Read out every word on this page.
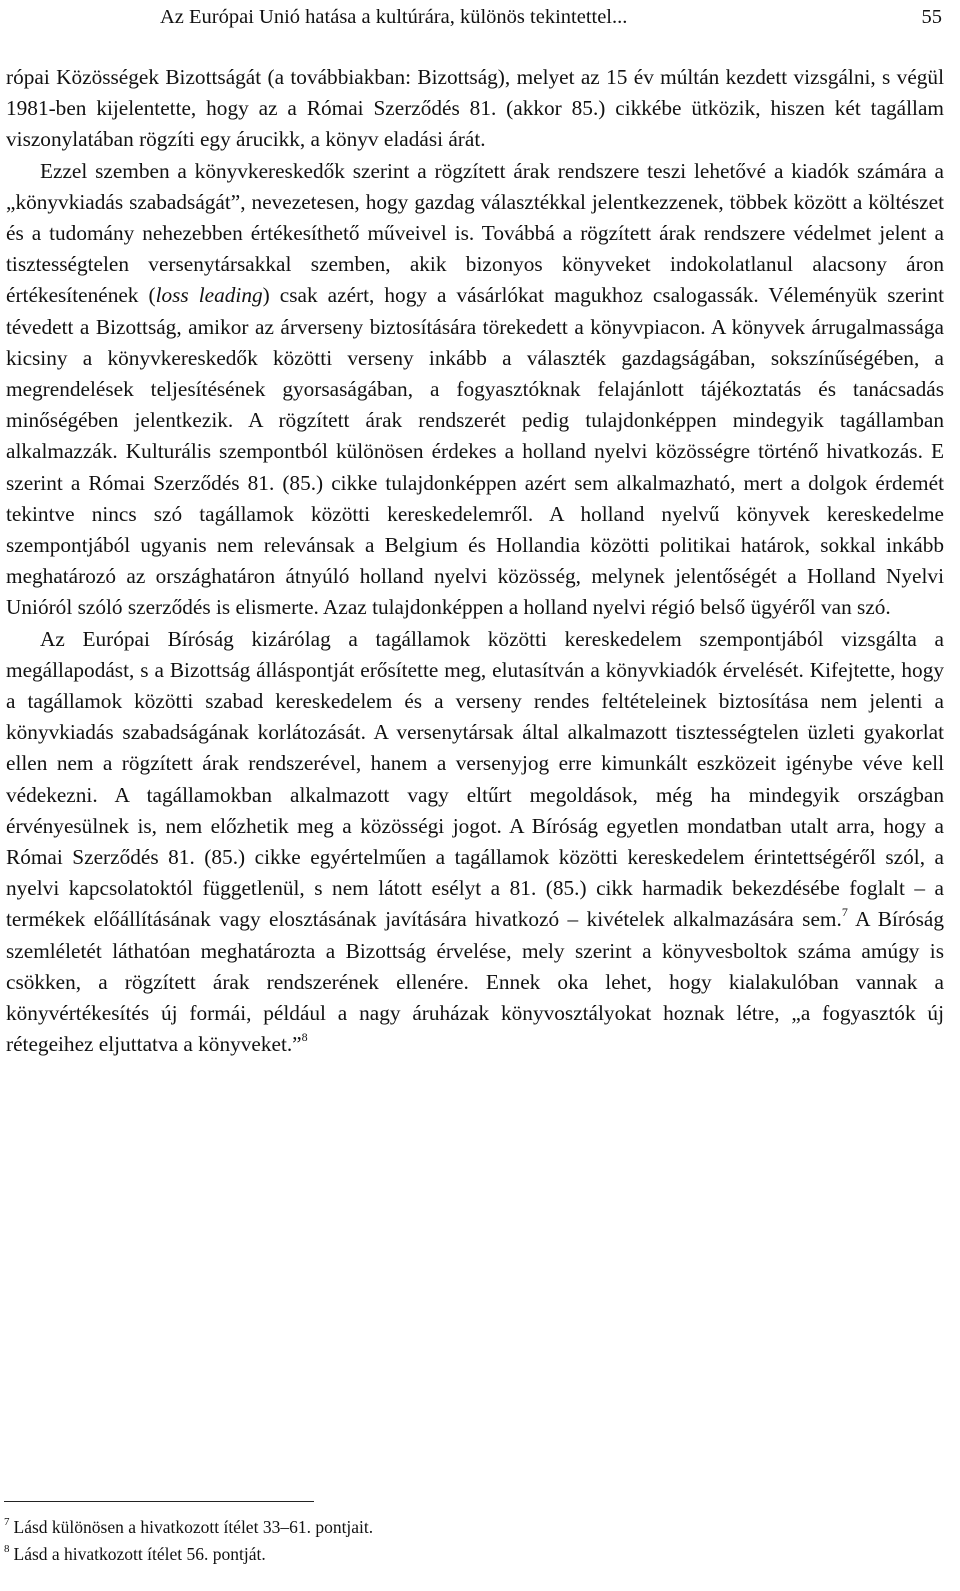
Az Európai Unió hatása a kultúrára, különös tekintettel...	55

rópai Közösségek Bizottságát (a továbbiakban: Bizottság), melyet az 15 év múltán kezdett vizsgálni, s végül 1981-ben kijelentette, hogy az a Római Szerződés 81. (akkor 85.) cikkébe ütközik, hiszen két tagállam viszonylatában rögzíti egy árucikk, a könyv eladási árát.

Ezzel szemben a könyvkereskedők szerint a rögzített árak rendszere teszi lehetővé a kiadók számára a „könyvkiadás szabadságát”, nevezetesen, hogy gazdag választékkal jelentkezzenek, többek között a költészet és a tudomány nehezebben értékesíthető műveivel is. Továbbá a rögzített árak rendszere védelmet jelent a tisztességtelen versenytársakkal szemben, akik bizonyos könyveket indokolatlanul alacsony áron értékesítenének (loss leading) csak azért, hogy a vásárlókat magukhoz csalogassák. Véleményük szerint tévedett a Bizottság, amikor az árverseny biztosítására törekedett a könyvpiacon. A könyvek árrugalmassága kicsiny a könyvkereskedők közötti verseny inkább a választék gazdagságában, sokszínűségében, a megrendelések teljesítésének gyorsaságában, a fogyasztóknak felajánlott tájékoztatás és tanácsadás minőségében jelentkezik. A rögzített árak rendszerét pedig tulajdonképpen mindegyik tagállamban alkalmazzák. Kulturális szempontból különösen érdekes a holland nyelvi közösségre történő hivatkozás. E szerint a Római Szerződés 81. (85.) cikke tulajdonképpen azért sem alkalmazható, mert a dolgok érdemét tekintve nincs szó tagállamok közötti kereskedelemről. A holland nyelvű könyvek kereskedelme szempontjából ugyanis nem relevánsak a Belgium és Hollandia közötti politikai határok, sokkal inkább meghatározó az országhatáron átnyúló holland nyelvi közösség, melynek jelentőségét a Holland Nyelvi Unióról szóló szerződés is elismerte. Azaz tulajdonképpen a holland nyelvi régió belső ügyéről van szó.

Az Európai Bíróság kizárólag a tagállamok közötti kereskedelem szempontjából vizsgálta a megállapodást, s a Bizottság álláspontját erősítette meg, elutasítván a könyvkiadók érvelését. Kifejtette, hogy a tagállamok közötti szabad kereskedelem és a verseny rendes feltételeinek biztosítása nem jelenti a könyvkiadás szabadságának korlátozását. A versenytársak által alkalmazott tisztességtelen üzleti gyakorlat ellen nem a rögzített árak rendszerével, hanem a versenyjog erre kimunkált eszközeit igénybe véve kell védekezni. A tagállamokban alkalmazott vagy eltűrt megoldások, még ha mindegyik országban érvényesülnek is, nem előzhetik meg a közösségi jogot. A Bíróság egyetlen mondatban utalt arra, hogy a Római Szerződés 81. (85.) cikke egyértelműen a tagállamok közötti kereskedelem érintettségéről szól, a nyelvi kapcsolatoktól függetlenül, s nem látott esélyt a 81. (85.) cikk harmadik bekezdésébe foglalt – a termékek előállításának vagy elosztásának javítására hivatkozó – kivételek alkalmazására sem.$^7$ A Bíróság szemléletét láthatóan meghatározta a Bizottság érvelése, mely szerint a könyvesboltok száma amúgy is csökken, a rögzített árak rendszerének ellenére. Ennek oka lehet, hogy kialakulóban vannak a könyvértékesítés új formái, például a nagy áruházak könyvosztályokat hoznak létre, „a fogyasztók új rétegeihez eljuttatva a könyveket.”$^8$

$^7$ Lásd különösen a hivatkozott ítélet 33–61. pontjait.

$^8$ Lásd a hivatkozott ítélet 56. pontját.
